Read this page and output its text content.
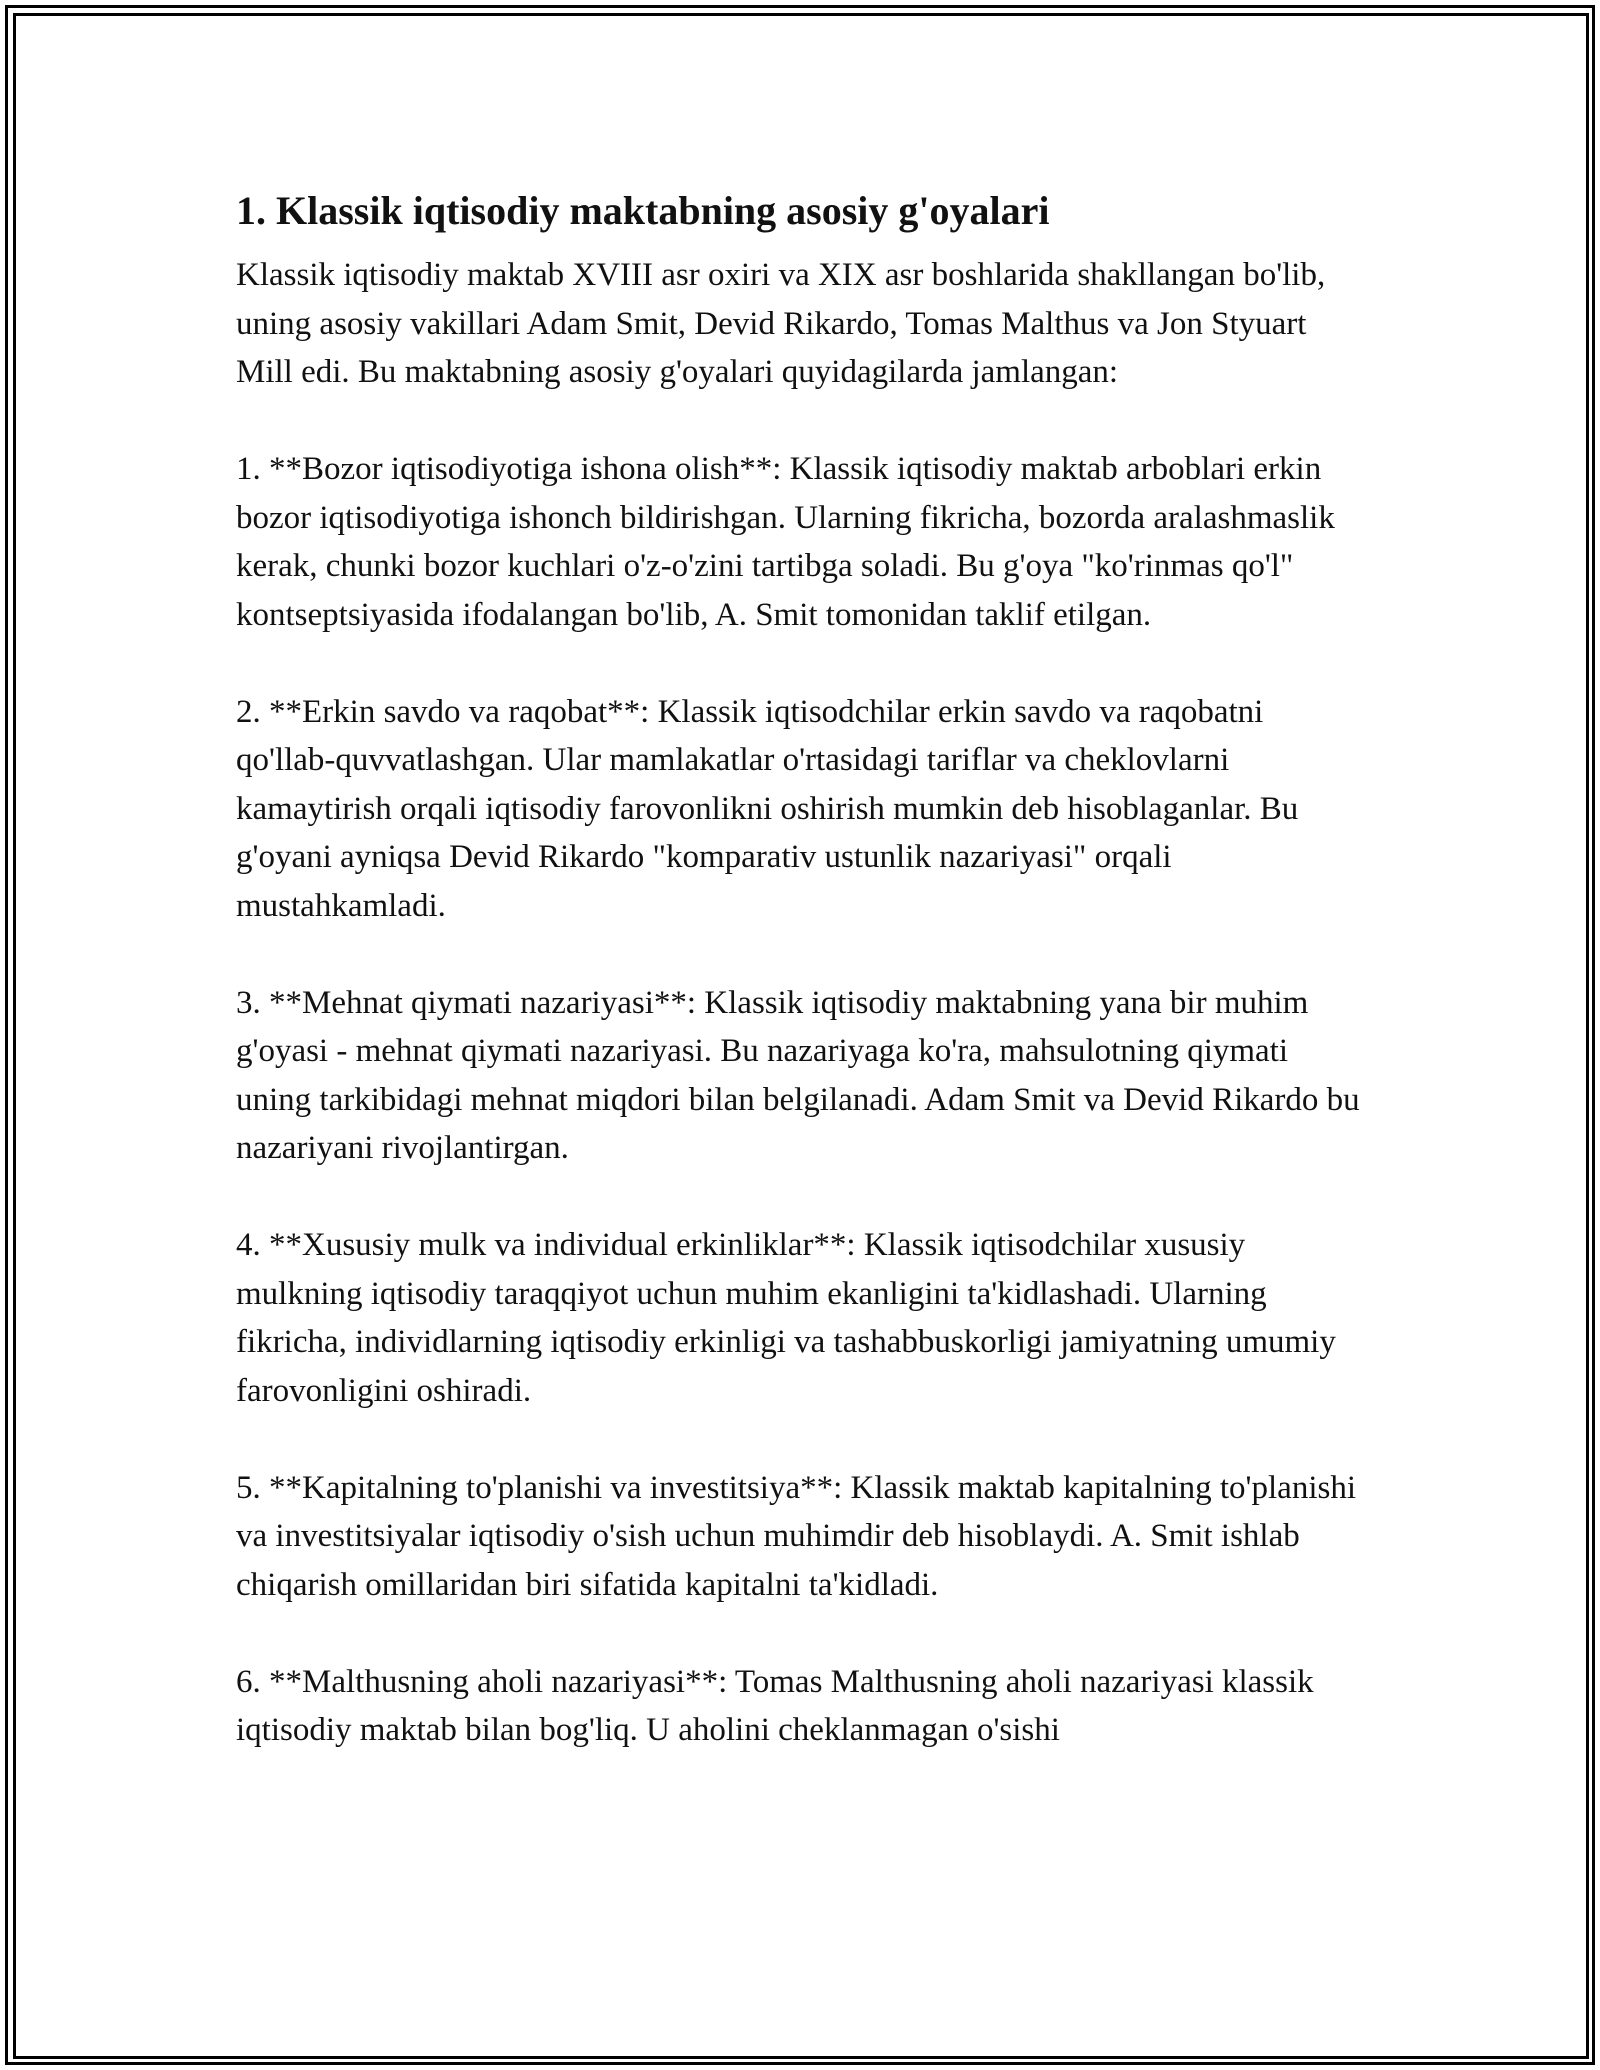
1. Klassik iqtisodiy maktabning asosiy g'oyalari

Klassik iqtisodiy maktab XVIII asr oxiri va XIX asr boshlarida shakllangan bo'lib, uning asosiy vakillari Adam Smit, Devid Rikardo, Tomas Malthus va Jon Styuart Mill edi. Bu maktabning asosiy g'oyalari quyidagilarda jamlangan:

1. **Bozor iqtisodiyotiga ishona olish**: Klassik iqtisodiy maktab arboblari erkin bozor iqtisodiyotiga ishonch bildirishgan. Ularning fikricha, bozorda aralashmaslik kerak, chunki bozor kuchlari o'z-o'zini tartibga soladi. Bu g'oya "ko'rinmas qo'l" kontseptsiyasida ifodalangan bo'lib, A. Smit tomonidan taklif etilgan.

2. **Erkin savdo va raqobat**: Klassik iqtisodchilar erkin savdo va raqobatni qo'llab-quvvatlashgan. Ular mamlakatlar o'rtasidagi tariflar va cheklovlarni kamaytirish orqali iqtisodiy farovonlikni oshirish mumkin deb hisoblaganlar. Bu g'oyani ayniqsa Devid Rikardo "komparativ ustunlik nazariyasi" orqali mustahkamladi.

3. **Mehnat qiymati nazariyasi**: Klassik iqtisodiy maktabning yana bir muhim g'oyasi - mehnat qiymati nazariyasi. Bu nazariyaga ko'ra, mahsulotning qiymati uning tarkibidagi mehnat miqdori bilan belgilanadi. Adam Smit va Devid Rikardo bu nazariyani rivojlantirgan.

4. **Xususiy mulk va individual erkinliklar**: Klassik iqtisodchilar xususiy mulkning iqtisodiy taraqqiyot uchun muhim ekanligini ta'kidlashadi. Ularning fikricha, individlarning iqtisodiy erkinligi va tashabbuskorligi jamiyatning umumiy farovonligini oshiradi.

5. **Kapitalning to'planishi va investitsiya**: Klassik maktab kapitalning to'planishi va investitsiyalar iqtisodiy o'sish uchun muhimdir deb hisoblaydi. A. Smit ishlab chiqarish omillaridan biri sifatida kapitalni ta'kidladi.

6. **Malthusning aholi nazariyasi**: Tomas Malthusning aholi nazariyasi klassik iqtisodiy maktab bilan bog'liq. U aholini cheklanmagan o'sishi
